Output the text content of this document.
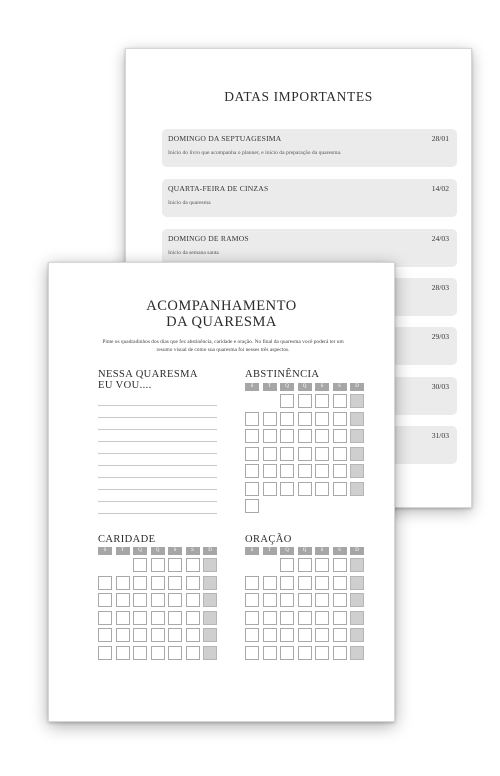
DATAS IMPORTANTES
DOMINGO DA SEPTUAGESIMA	28/01
Inicio do livro que acompanha o planner, e inicio da preparação da quaresma.
QUARTA-FEIRA DE CINZAS	14/02
Inicio da quaresma
DOMINGO DE RAMOS	24/03
Inicio da semana santa
28/03
29/03
30/03
31/03
ACOMPANHAMENTO
DA QUARESMA
Pinte os quadradinhos dos dias que fez abstinência, caridade e oração. No final da quaresma você poderá ter um resumo visual de como sua quaresma foi nesses três aspectos.
NESSA QUARESMA
EU VOU....
ABSTINÊNCIA
CARIDADE	ORAÇÃO
S	T	Q	Q	S	S	D
S	T	Q	Q	S	S	D	S	T	Q	Q	S	S	D
